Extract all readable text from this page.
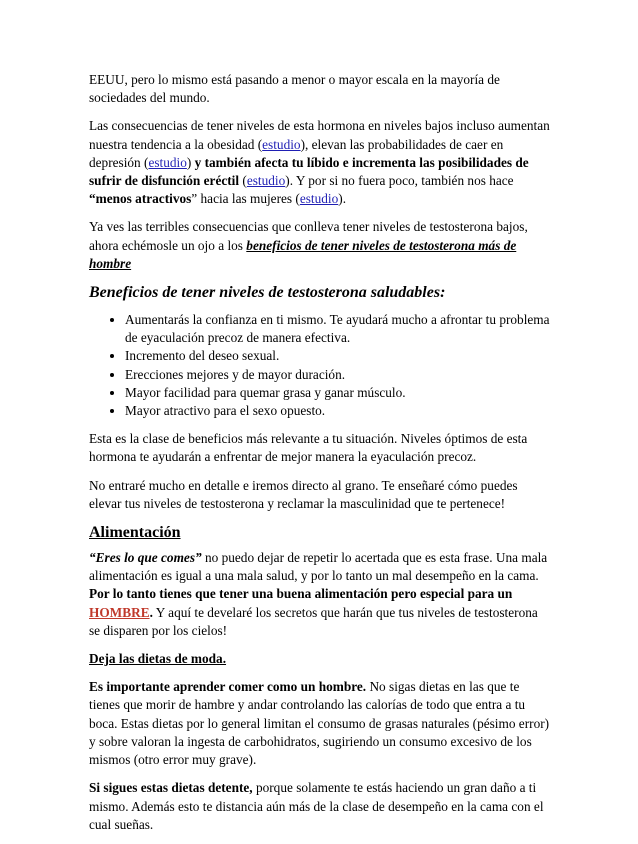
EEUU, pero lo mismo está pasando a menor o mayor escala en la mayoría de sociedades del mundo.

Las consecuencias de tener niveles de esta hormona en niveles bajos incluso aumentan nuestra tendencia a la obesidad (estudio), elevan las probabilidades de caer en depresión (estudio) y también afecta tu líbido e incrementa las posibilidades de sufrir de disfunción eréctil (estudio). Y por si no fuera poco, también nos hace “menos atractivos” hacia las mujeres (estudio).

Ya ves las terribles consecuencias que conlleva tener niveles de testosterona bajos, ahora echémosle un ojo a los beneficios de tener niveles de testosterona más de hombre

Beneficios de tener niveles de testosterona saludables:
• Aumentarás la confianza en ti mismo. Te ayudará mucho a afrontar tu problema de eyaculación precoz de manera efectiva.
• Incremento del deseo sexual.
• Erecciones mejores y de mayor duración.
• Mayor facilidad para quemar grasa y ganar músculo.
• Mayor atractivo para el sexo opuesto.

Esta es la clase de beneficios más relevante a tu situación. Niveles óptimos de esta hormona te ayudarán a enfrentar de mejor manera la eyaculación precoz.

No entraré mucho en detalle e iremos directo al grano. Te enseñaré cómo puedes elevar tus niveles de testosterona y reclamar la masculinidad que te pertenece!

Alimentación

“Eres lo que comes” no puedo dejar de repetir lo acertada que es esta frase. Una mala alimentación es igual a una mala salud, y por lo tanto un mal desempeño en la cama. Por lo tanto tienes que tener una buena alimentación pero especial para un HOMBRE. Y aquí te develaré los secretos que harán que tus niveles de testosterona se disparen por los cielos!

Deja las dietas de moda.

Es importante aprender comer como un hombre. No sigas dietas en las que te tienes que morir de hambre y andar controlando las calorías de todo que entra a tu boca. Estas dietas por lo general limitan el consumo de grasas naturales (pésimo error) y sobre valoran la ingesta de carbohidratos, sugiriendo un consumo excesivo de los mismos (otro error muy grave).

Si sigues estas dietas detente, porque solamente te estás haciendo un gran daño a ti mismo. Además esto te distancia aún más de la clase de desempeño en la cama con el cual sueñas.
